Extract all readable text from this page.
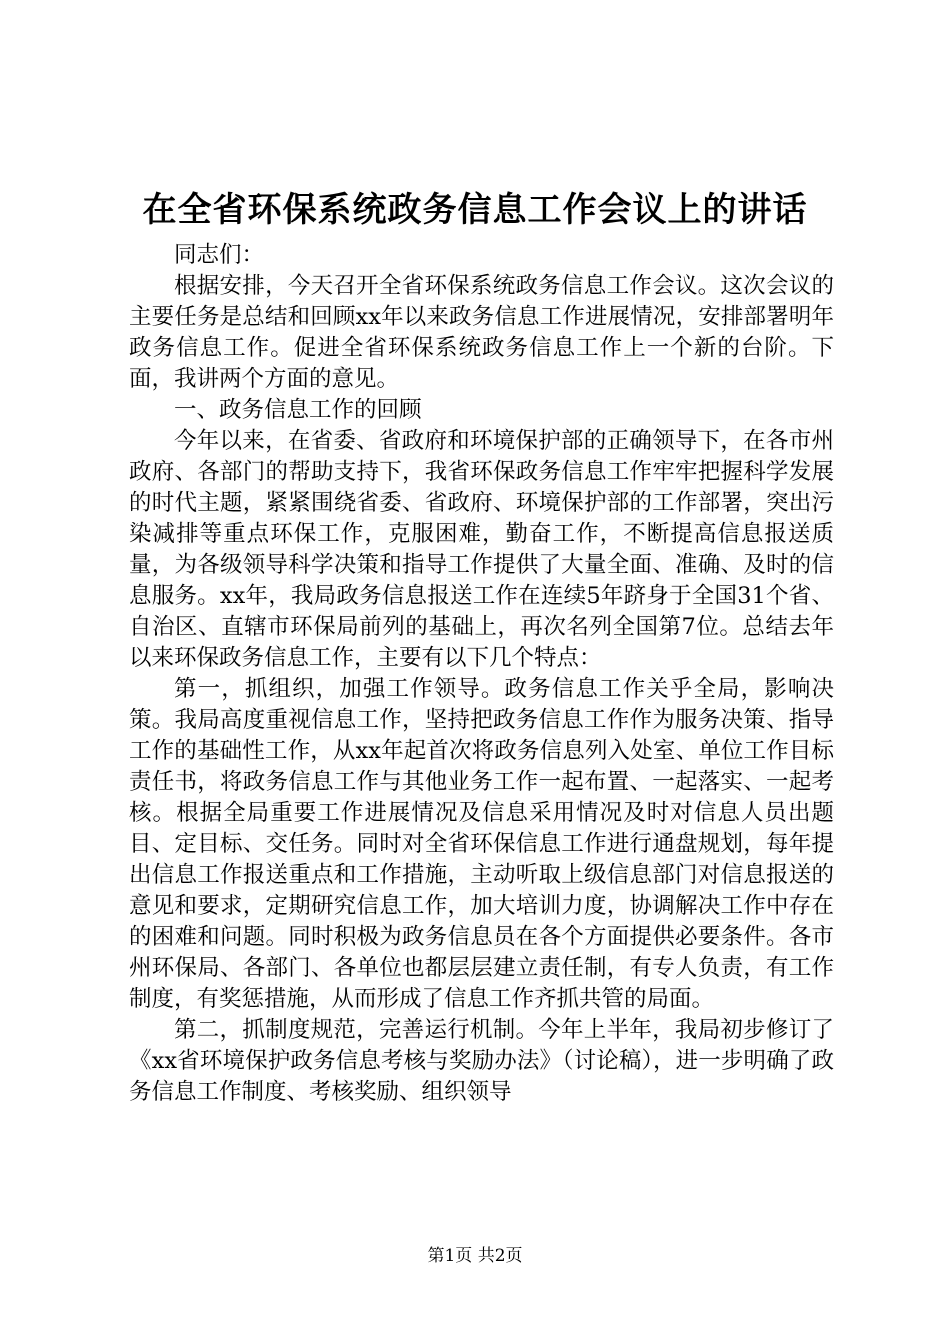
在全省环保系统政务信息工作会议上的讲话

同志们：

根据安排，今天召开全省环保系统政务信息工作会议。这次会议的主要任务是总结和回顾xx年以来政务信息工作进展情况，安排部署明年政务信息工作。促进全省环保系统政务信息工作上一个新的台阶。下面，我讲两个方面的意见。

一、政务信息工作的回顾

今年以来，在省委、省政府和环境保护部的正确领导下，在各市州政府、各部门的帮助支持下，我省环保政务信息工作牢牢把握科学发展的时代主题，紧紧围绕省委、省政府、环境保护部的工作部署，突出污染减排等重点环保工作，克服困难，勤奋工作，不断提高信息报送质量，为各级领导科学决策和指导工作提供了大量全面、准确、及时的信息服务。xx年，我局政务信息报送工作在连续5年跻身于全国31个省、自治区、直辖市环保局前列的基础上，再次名列全国第7位。总结去年以来环保政务信息工作，主要有以下几个特点：

第一，抓组织，加强工作领导。政务信息工作关乎全局，影响决策。我局高度重视信息工作，坚持把政务信息工作作为服务决策、指导工作的基础性工作，从xx年起首次将政务信息列入处室、单位工作目标责任书，将政务信息工作与其他业务工作一起布置、一起落实、一起考核。根据全局重要工作进展情况及信息采用情况及时对信息人员出题目、定目标、交任务。同时对全省环保信息工作进行通盘规划，每年提出信息工作报送重点和工作措施，主动听取上级信息部门对信息报送的意见和要求，定期研究信息工作，加大培训力度，协调解决工作中存在的困难和问题。同时积极为政务信息员在各个方面提供必要条件。各市州环保局、各部门、各单位也都层层建立责任制，有专人负责，有工作制度，有奖惩措施，从而形成了信息工作齐抓共管的局面。

第二，抓制度规范，完善运行机制。今年上半年，我局初步修订了《xx省环境保护政务信息考核与奖励办法》（讨论稿），进一步明确了政务信息工作制度、考核奖励、组织领导

第1页 共2页
